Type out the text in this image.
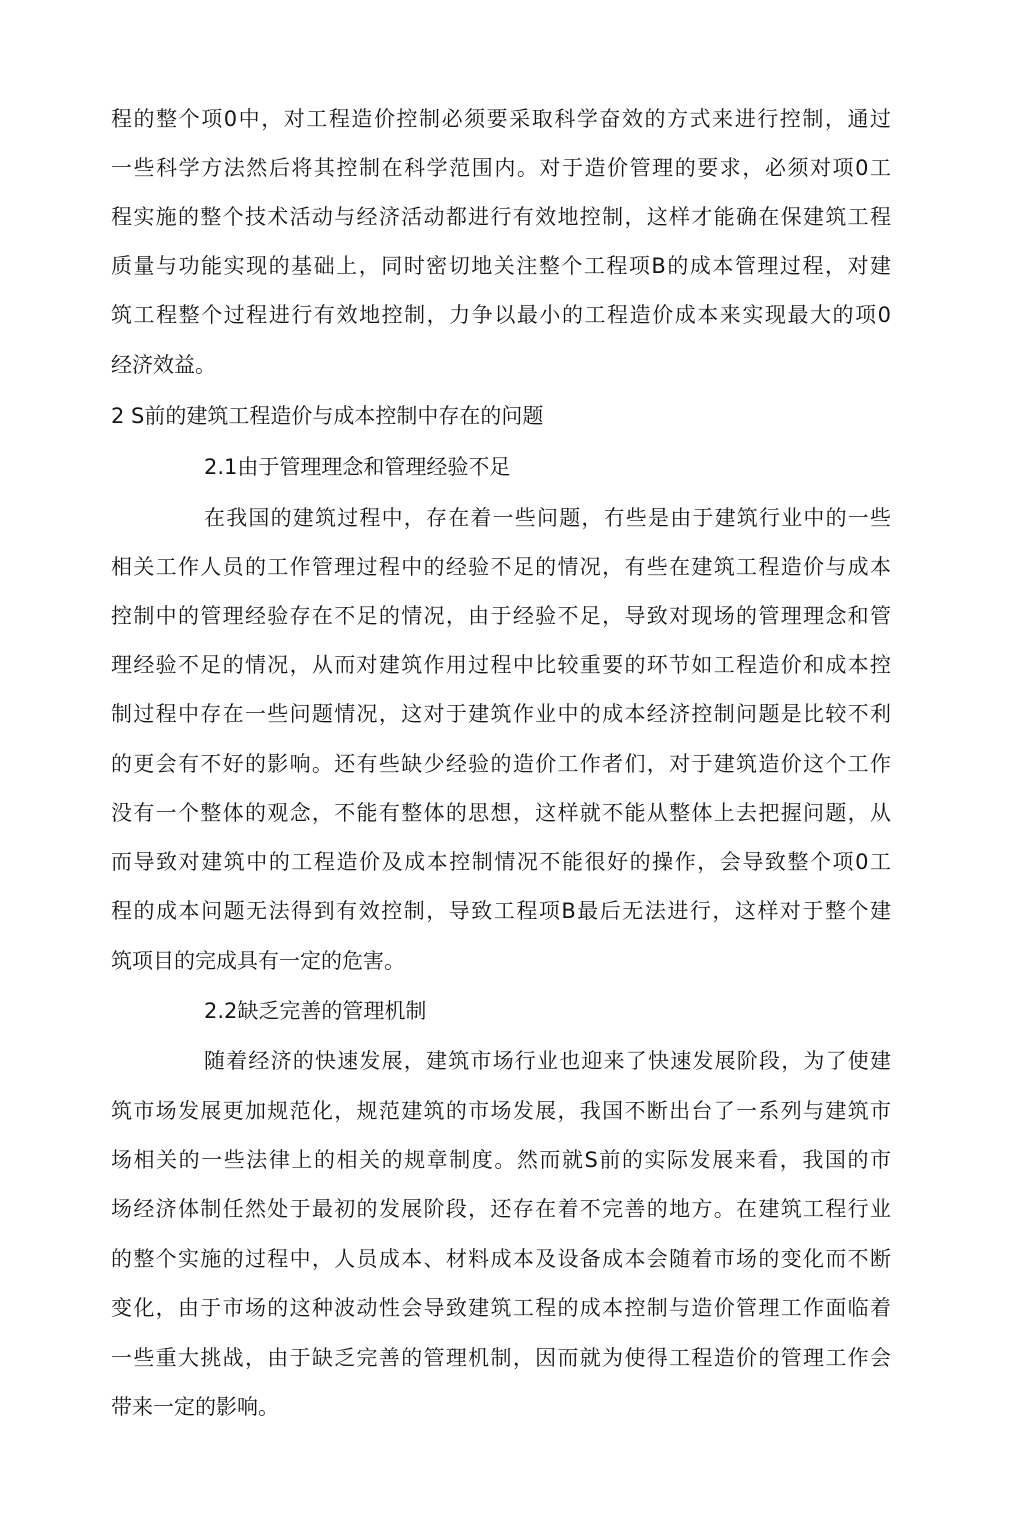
程的整个项0中，对工程造价控制必须要采取科学奋效的方式来进行控制，通过
一些科学方法然后将其控制在科学范围内。对于造价管理的要求，必须对项0工
程实施的整个技术活动与经济活动都进行有效地控制，这样才能确在保建筑工程
质量与功能实现的基础上，同时密切地关注整个工程项B的成本管理过程，对建
筑工程整个过程进行有效地控制，力争以最小的工程造价成本来实现最大的项0
经济效益。
2 S前的建筑工程造价与成本控制中存在的问题
2.1由于管理理念和管理经验不足
在我国的建筑过程中，存在着一些问题，冇些是由于建筑行业中的一些
相关工作人员的工作管理过程中的经验不足的情况，有些在建筑工程造价与成本
控制中的管理经验存在不足的情况，由于经验不足，导致对现场的管理理念和管
理经验不足的情况，从而对建筑作用过程中比较重要的环节如工程造价和成本控
制过程中存在一些问题情况，这对于建筑作业中的成本经济控制问题是比较不利
的更会有不好的影响。还有些缺少经验的造价工作者们，对于建筑造价这个工作
没有一个整体的观念，不能有整体的思想，这样就不能从整体上去把握问题，从
而导致对建筑中的工程造价及成本控制情况不能很好的操作，会导致整个项0工
程的成本问题无法得到有效控制，导致工程项B最后无法进行，这样对于整个建
筑项目的完成具有一定的危害。
2.2缺乏完善的管理机制
随着经济的快速发展，建筑市场行业也迎来了快速发展阶段，为了使建
筑市场发展更加规范化，规范建筑的市场发展，我国不断出台了一系列与建筑市
场相关的一些法律上的相关的规章制度。然而就S前的实际发展来看，我国的市
场经济体制任然处于最初的发展阶段，还存在着不完善的地方。在建筑工程行业
的整个实施的过程中，人员成本、材料成本及设备成本会随着市场的变化而不断
变化，由于市场的这种波动性会导致建筑工程的成本控制与造价管理工作面临着
一些重大挑战，由于缺乏完善的管理机制，因而就为使得工程造价的管理工作会
带来一定的影响。
